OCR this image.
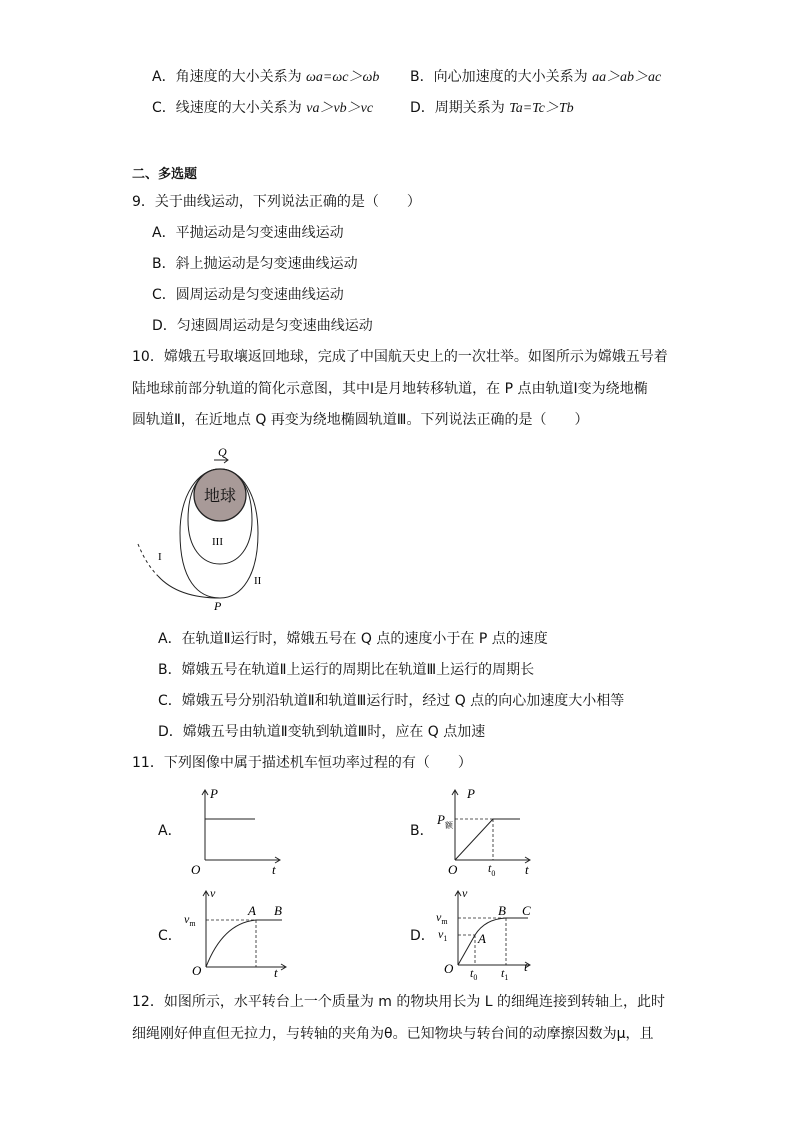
A．角速度的大小关系为 ωa=ωc＞ωb B．向心加速度的大小关系为 aa＞ab＞ac
C．线速度的大小关系为 va＞vb＞vc	D．周期关系为 Ta=Tc＞Tb
二、多选题
9．关于曲线运动，下列说法正确的是（　　）
A．平抛运动是匀变速曲线运动
B．斜上抛运动是匀变速曲线运动
C．圆周运动是匀变速曲线运动
D．匀速圆周运动是匀变速曲线运动
10．嫦娥五号取壤返回地球，完成了中国航天史上的一次壮举。如图所示为嫦娥五号着
陆地球前部分轨道的简化示意图，其中Ⅰ是月地转移轨道，在 P 点由轨道Ⅰ变为绕地椭
圆轨道Ⅱ，在近地点 Q 再变为绕地椭圆轨道Ⅲ。下列说法正确的是（　　）
地球
Q
P
I
II
III
A．在轨道Ⅱ运行时，嫦娥五号在 Q 点的速度小于在 P 点的速度
B．嫦娥五号在轨道Ⅱ上运行的周期比在轨道Ⅲ上运行的周期长
C．嫦娥五号分别沿轨道Ⅱ和轨道Ⅲ运行时，经过 Q 点的向心加速度大小相等
D．嫦娥五号由轨道Ⅱ变轨到轨道Ⅲ时，应在 Q 点加速
11．下列图像中属于描述机车恒功率过程的有（　　）
A．
P
t
O
B．
P
t
O
$P_额$
$t_0$
C．
v
t
O
$v_m$
A B
D．
v
t
O
$v_m$
$v_1$ A
B C
$t_0$ $t_1$
12．如图所示，水平转台上一个质量为 m 的物块用长为 L 的细绳连接到转轴上，此时
细绳刚好伸直但无拉力，与转轴的夹角为θ。已知物块与转台间的动摩擦因数为μ，且
